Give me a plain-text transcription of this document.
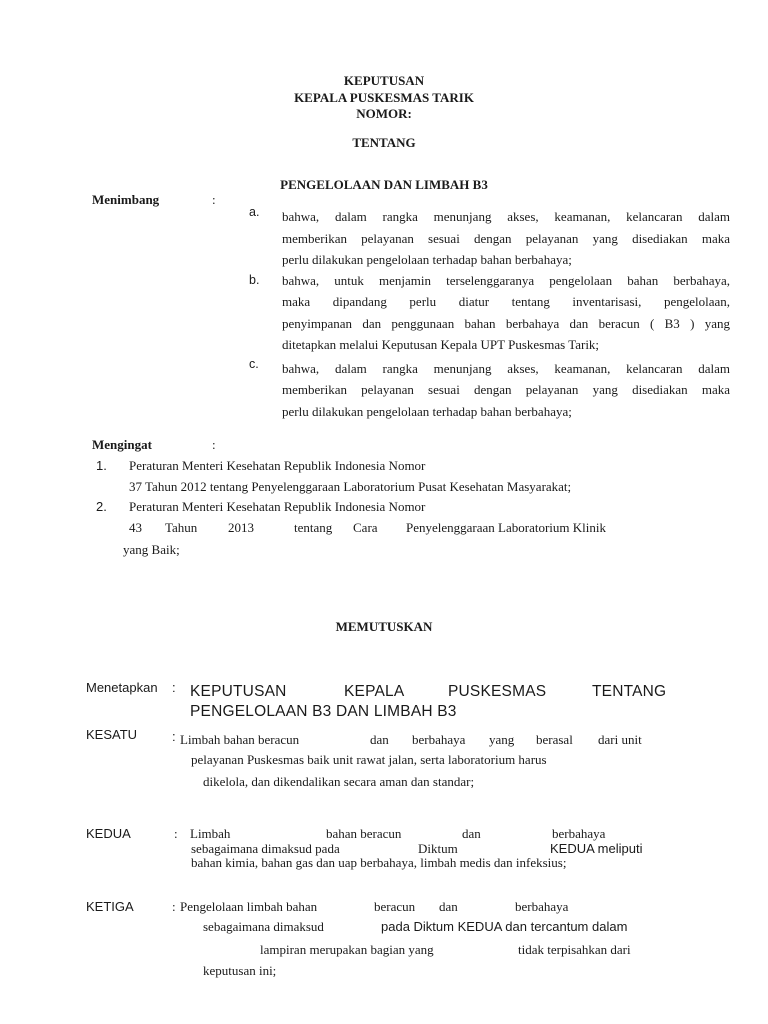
KEPUTUSAN
KEPALA PUSKESMAS TARIK
NOMOR:
TENTANG
PENGELOLAAN DAN LIMBAH B3
Menimbang	:
a. bahwa, dalam rangka menunjang akses, keamanan, kelancaran dalam
memberikan pelayanan sesuai dengan pelayanan yang disediakan maka
perlu dilakukan pengelolaan terhadap bahan berbahaya;
b. bahwa, untuk menjamin terselenggaranya pengelolaan bahan berbahaya,
maka dipandang perlu diatur tentang inventarisasi, pengelolaan,
penyimpanan dan penggunaan bahan berbahaya dan beracun ( B3 ) yang
ditetapkan melalui Keputusan Kepala UPT Puskesmas Tarik;
c. bahwa, dalam rangka menunjang akses, keamanan, kelancaran dalam
memberikan pelayanan sesuai dengan pelayanan yang disediakan maka
perlu dilakukan pengelolaan terhadap bahan berbahaya;
Mengingat	:
1. Peraturan Menteri Kesehatan Republik Indonesia Nomor
37 Tahun 2012 tentang Penyelenggaraan Laboratorium Pusat Kesehatan Masyarakat;
2. Peraturan Menteri Kesehatan Republik Indonesia Nomor
43 Tahun 2013	tentang Cara Penyelenggaraan Laboratorium Klinik
yang Baik;
MEMUTUSKAN
Menetapkan : KEPUTUSAN	KEPALA	PUSKESMAS	TENTANG
PENGELOLAAN B3 DAN LIMBAH B3
KESATU	: Limbah bahan beracun	dan berbahaya yang berasal dari unit
pelayanan Puskesmas baik unit rawat jalan, serta laboratorium harus
dikelola, dan dikendalikan secara aman dan standar;
KEDUA	: Limbah	bahan beracun	dan	berbahaya
sebagaimana dimaksud pada	Diktum	KEDUA meliputi
bahan kimia, bahan gas dan uap berbahaya, limbah medis dan infeksius;
KETIGA	: Pengelolaan limbah bahan	beracun dan	berbahaya
sebagaimana dimaksud	pada Diktum KEDUA dan tercantum dalam
lampiran merupakan bagian yang	tidak terpisahkan dari
keputusan ini;
